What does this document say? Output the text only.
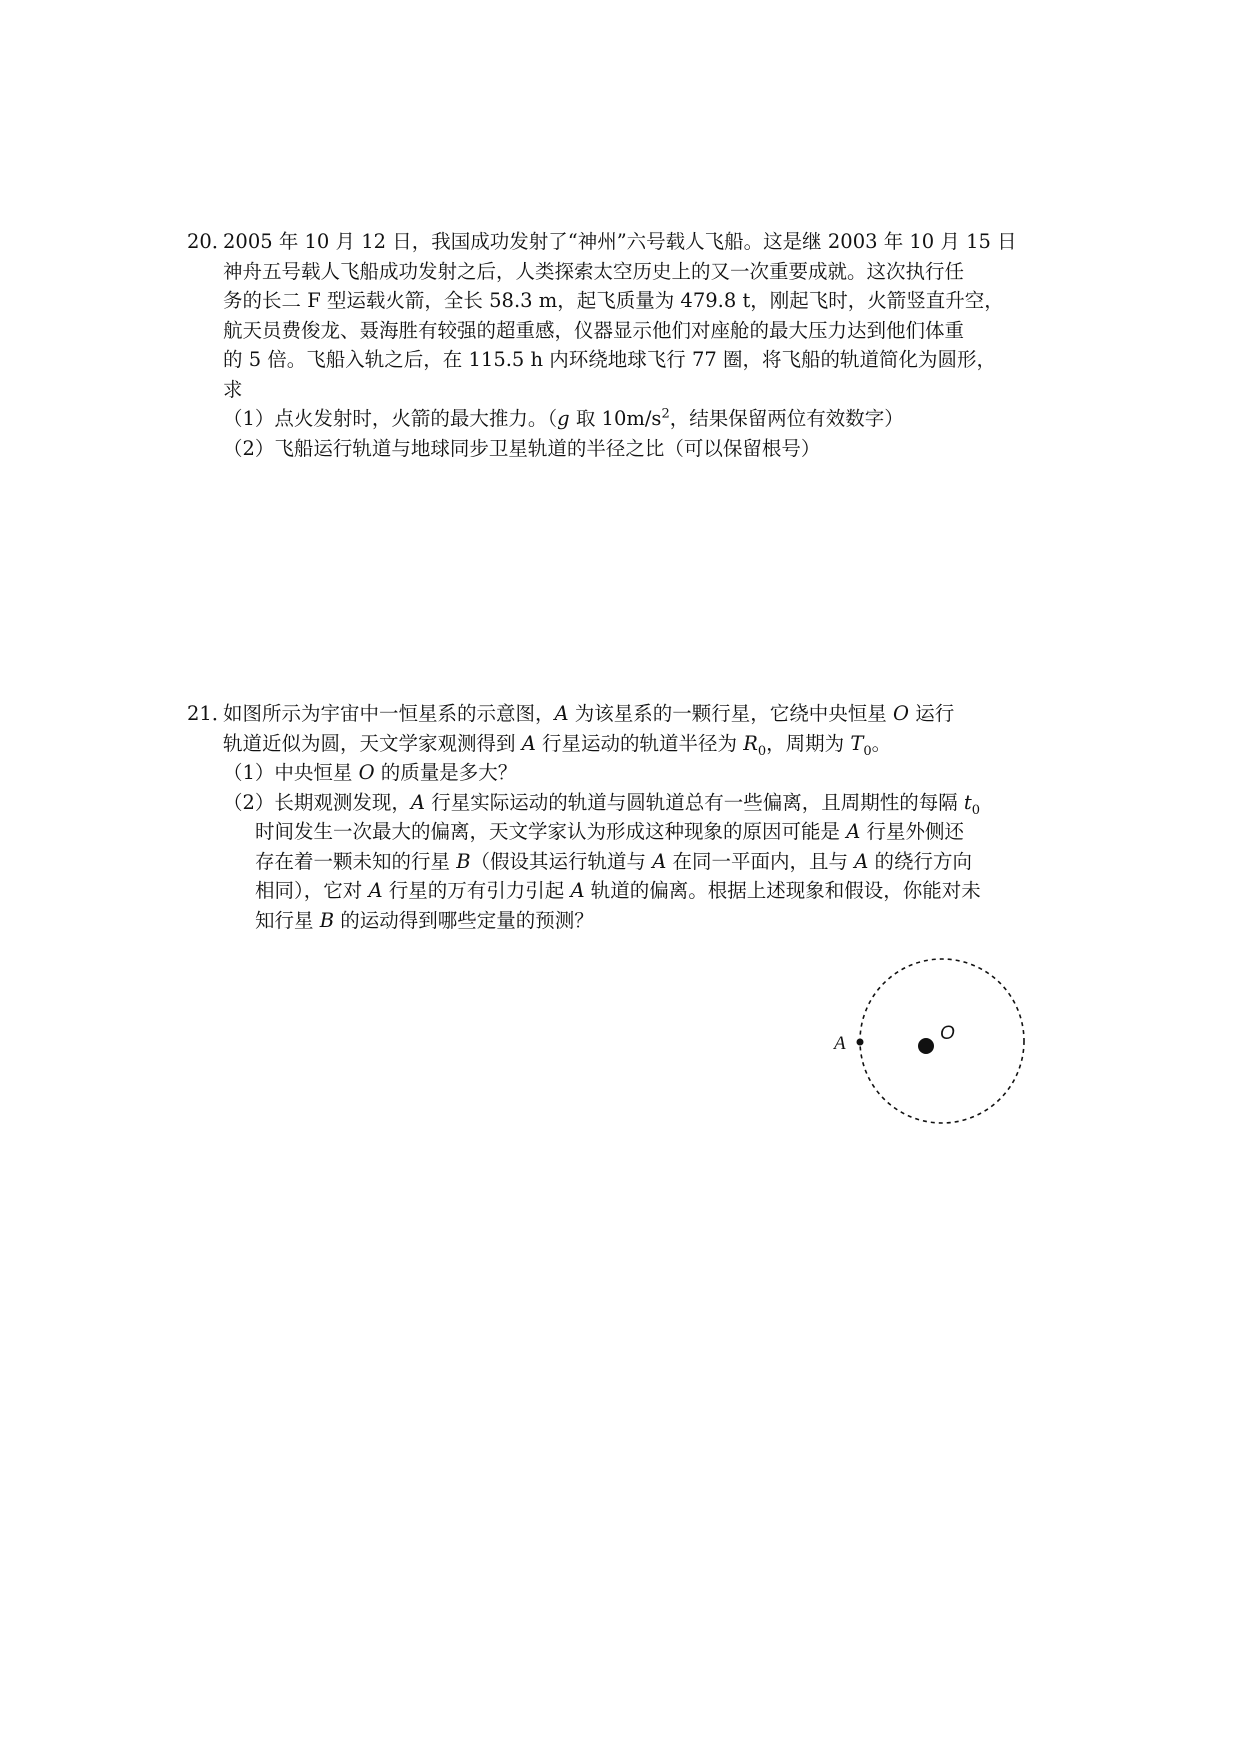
20．2005 年 10 月 12 日，我国成功发射了“神州”六号载人飞船。这是继 2003 年 10 月 15 日
神舟五号载人飞船成功发射之后，人类探索太空历史上的又一次重要成就。这次执行任
务的长二 F 型运载火箭，全长 58.3 m，起飞质量为 479.8 t，刚起飞时，火箭竖直升空，
航天员费俊龙、聂海胜有较强的超重感，仪器显示他们对座舱的最大压力达到他们体重
的 5 倍。飞船入轨之后，在 115.5 h 内环绕地球飞行 77 圈，将飞船的轨道简化为圆形，
求
（1）点火发射时，火箭的最大推力。（g 取 $10m/s^2$，结果保留两位有效数字）
（2）飞船运行轨道与地球同步卫星轨道的半径之比（可以保留根号）
21．如图所示为宇宙中一恒星系的示意图，A 为该星系的一颗行星，它绕中央恒星 O 运行
轨道近似为圆，天文学家观测得到 A 行星运动的轨道半径为 $R_0$，周期为 $T_0$。
（1）中央恒星 O 的质量是多大？
（2）长期观测发现，A 行星实际运动的轨道与圆轨道总有一些偏离，且周期性的每隔 $t_0$
时间发生一次最大的偏离，天文学家认为形成这种现象的原因可能是 A 行星外侧还
存在着一颗未知的行星 B（假设其运行轨道与 A 在同一平面内，且与 A 的绕行方向
相同），它对 A 行星的万有引力引起 A 轨道的偏离。根据上述现象和假设，你能对未
知行星 B 的运动得到哪些定量的预测？
A	O
